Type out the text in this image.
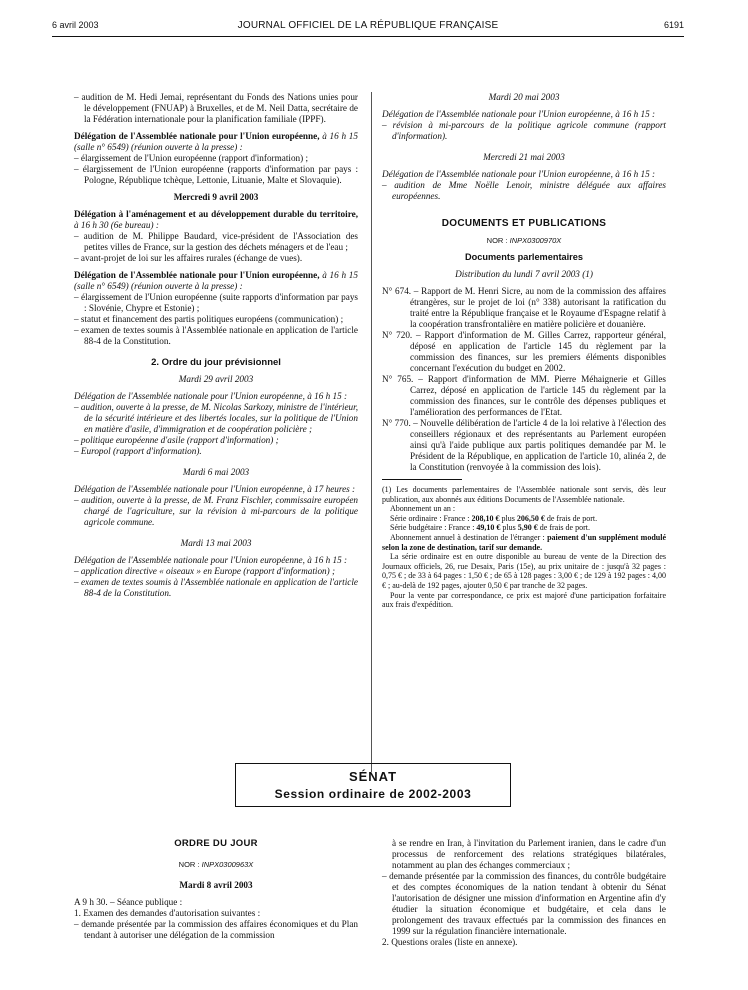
6 avril 2003	JOURNAL OFFICIEL DE LA RÉPUBLIQUE FRANÇAISE	6191

– audition de M. Hedi Jemai, représentant du Fonds des Nations unies pour le développement (FNUAP) à Bruxelles, et de M. Neil Datta, secrétaire de la Fédération internationale pour la planification familiale (IPPF).

Délégation de l'Assemblée nationale pour l'Union européenne, à 16 h 15 (salle n° 6549) (réunion ouverte à la presse) :

– élargissement de l'Union européenne (rapport d'information) ;

– élargissement de l'Union européenne (rapports d'information par pays : Pologne, République tchèque, Lettonie, Lituanie, Malte et Slovaquie).

Mercredi 9 avril 2003

Délégation à l'aménagement et au développement durable du territoire, à 16 h 30 (6e bureau) :

– audition de M. Philippe Baudard, vice-président de l'Association des petites villes de France, sur la gestion des déchets ménagers et de l'eau ;

– avant-projet de loi sur les affaires rurales (échange de vues).

Délégation de l'Assemblée nationale pour l'Union européenne, à 16 h 15 (salle n° 6549) (réunion ouverte à la presse) :

– élargissement de l'Union européenne (suite rapports d'information par pays : Slovénie, Chypre et Estonie) ;

– statut et financement des partis politiques européens (communication) ;

– examen de textes soumis à l'Assemblée nationale en application de l'article 88-4 de la Constitution.

2. Ordre du jour prévisionnel

Mardi 29 avril 2003

Délégation de l'Assemblée nationale pour l'Union européenne, à 16 h 15 :

– audition, ouverte à la presse, de M. Nicolas Sarkozy, ministre de l'intérieur, de la sécurité intérieure et des libertés locales, sur la politique de l'Union en matière d'asile, d'immigration et de coopération policière ;

– politique européenne d'asile (rapport d'information) ;

– Europol (rapport d'information).

Mardi 6 mai 2003

Délégation de l'Assemblée nationale pour l'Union européenne, à 17 heures :

– audition, ouverte à la presse, de M. Franz Fischler, commissaire européen chargé de l'agriculture, sur la révision à mi-parcours de la politique agricole commune.

Mardi 13 mai 2003

Délégation de l'Assemblée nationale pour l'Union européenne, à 16 h 15 :

– application directive « oiseaux » en Europe (rapport d'information) ;

– examen de textes soumis à l'Assemblée nationale en application de l'article 88-4 de la Constitution.

Mardi 20 mai 2003

Délégation de l'Assemblée nationale pour l'Union européenne, à 16 h 15 :

– révision à mi-parcours de la politique agricole commune (rapport d'information).

Mercredi 21 mai 2003

Délégation de l'Assemblée nationale pour l'Union européenne, à 16 h 15 :

– audition de Mme Noëlle Lenoir, ministre déléguée aux affaires européennes.

DOCUMENTS ET PUBLICATIONS

NOR : INPX0300970X

Documents parlementaires

Distribution du lundi 7 avril 2003 (1)

N° 674. – Rapport de M. Henri Sicre, au nom de la commission des affaires étrangères, sur le projet de loi (n° 338) autorisant la ratification du traité entre la République française et le Royaume d'Espagne relatif à la coopération transfrontalière en matière policière et douanière.

N° 720. – Rapport d'information de M. Gilles Carrez, rapporteur général, déposé en application de l'article 145 du règlement par la commission des finances, sur les premiers éléments disponibles concernant l'exécution du budget en 2002.

N° 765. – Rapport d'information de MM. Pierre Méhaignerie et Gilles Carrez, déposé en application de l'article 145 du règlement par la commission des finances, sur le contrôle des dépenses publiques et l'amélioration des performances de l'Etat.

N° 770. – Nouvelle délibération de l'article 4 de la loi relative à l'élection des conseillers régionaux et des représentants au Parlement européen ainsi qu'à l'aide publique aux partis politiques demandée par M. le Président de la République, en application de l'article 10, alinéa 2, de la Constitution (renvoyée à la commission des lois).

(1) Les documents parlementaires de l'Assemblée nationale sont servis, dès leur publication, aux abonnés aux éditions Documents de l'Assemblée nationale.

Abonnement un an :

Série ordinaire : France : 208,10 € plus 206,50 € de frais de port.

Série budgétaire : France : 49,10 € plus 5,90 € de frais de port.

Abonnement annuel à destination de l'étranger : paiement d'un supplément modulé selon la zone de destination, tarif sur demande.

La série ordinaire est en outre disponible au bureau de vente de la Direction des Journaux officiels, 26, rue Desaix, Paris (15e), au prix unitaire de : jusqu'à 32 pages : 0,75 € ; de 33 à 64 pages : 1,50 € ; de 65 à 128 pages : 3,00 € ; de 129 à 192 pages : 4,00 € ; au-delà de 192 pages, ajouter 0,50 € par tranche de 32 pages.

Pour la vente par correspondance, ce prix est majoré d'une participation forfaitaire aux frais d'expédition.

SÉNAT
Session ordinaire de 2002-2003

ORDRE DU JOUR

NOR : INPX0300963X

Mardi 8 avril 2003

A 9 h 30. – Séance publique :

1. Examen des demandes d'autorisation suivantes :

– demande présentée par la commission des affaires économiques et du Plan tendant à autoriser une délégation de la commission

à se rendre en Iran, à l'invitation du Parlement iranien, dans le cadre d'un processus de renforcement des relations stratégiques bilatérales, notamment au plan des échanges commerciaux ;

– demande présentée par la commission des finances, du contrôle budgétaire et des comptes économiques de la nation tendant à obtenir du Sénat l'autorisation de désigner une mission d'information en Argentine afin d'y étudier la situation économique et budgétaire, et cela dans le prolongement des travaux effectués par la commission des finances en 1999 sur la régulation financière internationale.

2. Questions orales (liste en annexe).
